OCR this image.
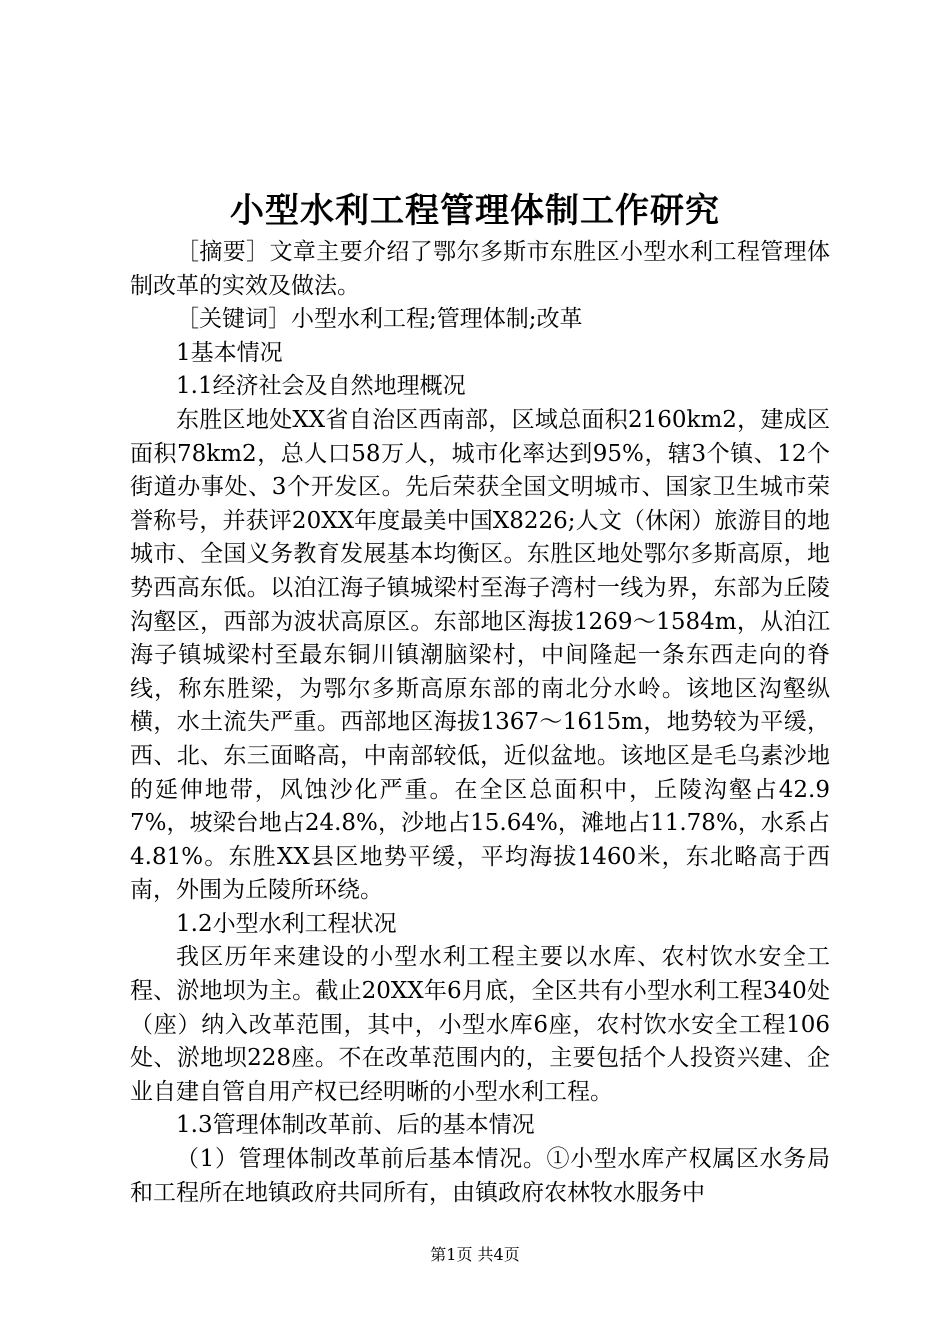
小型水利工程管理体制工作研究

［摘要］文章主要介绍了鄂尔多斯市东胜区小型水利工程管理体制改革的实效及做法。

［关键词］小型水利工程;管理体制;改革

1基本情况

1.1经济社会及自然地理概况

东胜区地处XX省自治区西南部，区域总面积2160km2，建成区面积78km2，总人口58万人，城市化率达到95%，辖3个镇、12个街道办事处、3个开发区。先后荣获全国文明城市、国家卫生城市荣誉称号，并获评20XX年度最美中国X8226;人文（休闲）旅游目的地城市、全国义务教育发展基本均衡区。东胜区地处鄂尔多斯高原，地势西高东低。以泊江海子镇城梁村至海子湾村一线为界，东部为丘陵沟壑区，西部为波状高原区。东部地区海拔1269～1584m，从泊江海子镇城梁村至最东铜川镇潮脑梁村，中间隆起一条东西走向的脊线，称东胜梁，为鄂尔多斯高原东部的南北分水岭。该地区沟壑纵横，水土流失严重。西部地区海拔1367～1615m，地势较为平缓，西、北、东三面略高，中南部较低，近似盆地。该地区是毛乌素沙地的延伸地带，风蚀沙化严重。在全区总面积中，丘陵沟壑占42.97%，坡梁台地占24.8%，沙地占15.64%，滩地占11.78%，水系占4.81%。东胜XX县区地势平缓，平均海拔1460米，东北略高于西南，外围为丘陵所环绕。

1.2小型水利工程状况

我区历年来建设的小型水利工程主要以水库、农村饮水安全工程、淤地坝为主。截止20XX年6月底，全区共有小型水利工程340处（座）纳入改革范围，其中，小型水库6座，农村饮水安全工程106处、淤地坝228座。不在改革范围内的，主要包括个人投资兴建、企业自建自管自用产权已经明晰的小型水利工程。

1.3管理体制改革前、后的基本情况

（1）管理体制改革前后基本情况。①小型水库产权属区水务局和工程所在地镇政府共同所有，由镇政府农林牧水服务中

第1页 共4页
